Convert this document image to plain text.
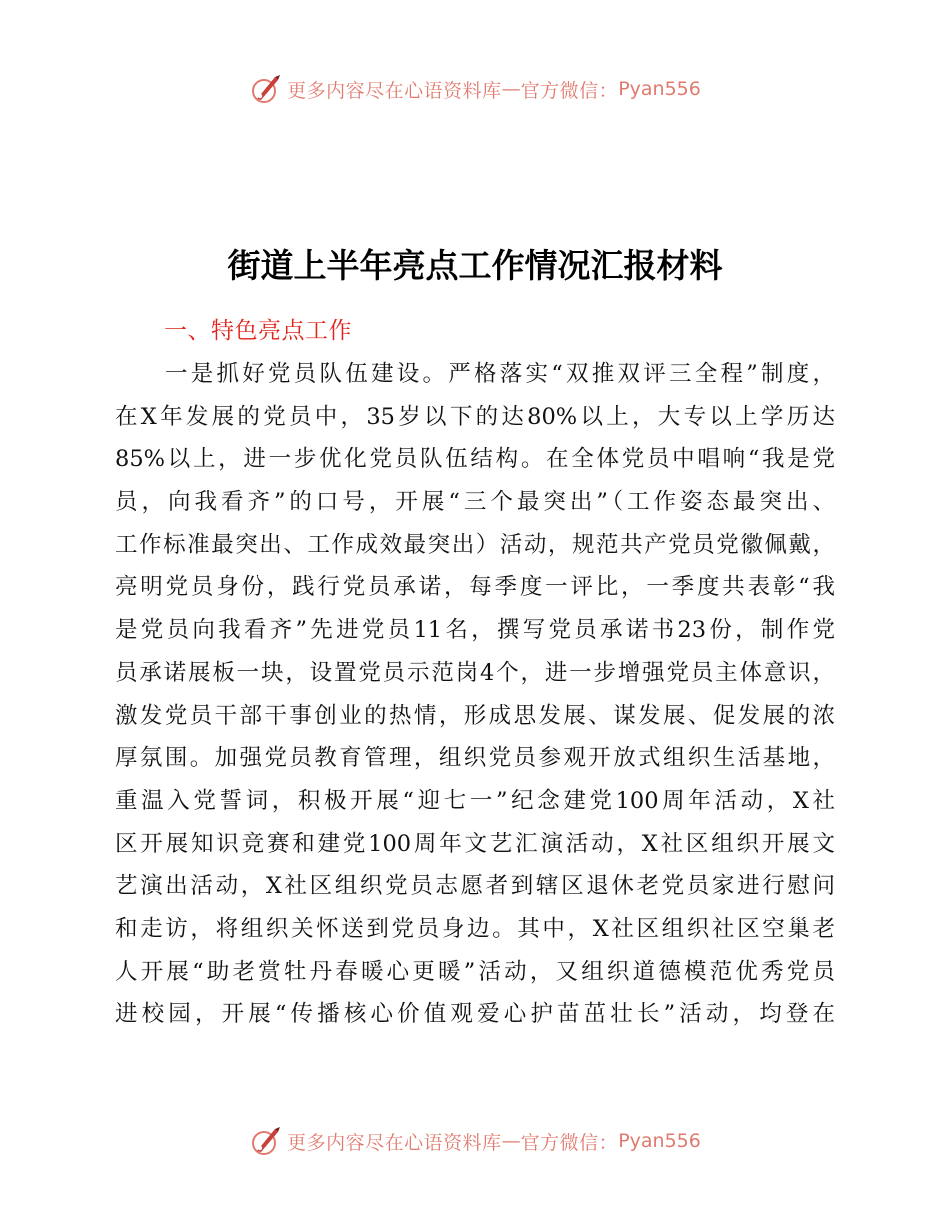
更多内容尽在心语资料库 — 官方微信： Pyan556
街道上半年亮点工作情况汇报材料
一、特色亮点工作
一是抓好党员队伍建设。严格落实“双推双评三全程”制度，
在X年发展的党员中，35岁以下的达80%以上，大专以上学历达
85%以上，进一步优化党员队伍结构。在全体党员中唱响“我是党
员，向我看齐”的口号，开展“三个最突出”（工作姿态最突出、
工作标准最突出、工作成效最突出）活动，规范共产党员党徽佩戴，
亮明党员身份，践行党员承诺，每季度一评比，一季度共表彰“我
是党员向我看齐”先进党员11名，撰写党员承诺书23份，制作党
员承诺展板一块，设置党员示范岗4个，进一步增强党员主体意识，
激发党员干部干事创业的热情，形成思发展、谋发展、促发展的浓
厚氛围。加强党员教育管理，组织党员参观开放式组织生活基地，
重温入党誓词，积极开展“迎七一”纪念建党100周年活动，X社
区开展知识竞赛和建党100周年文艺汇演活动，X社区组织开展文
艺演出活动，X社区组织党员志愿者到辖区退休老党员家进行慰问
和走访，将组织关怀送到党员身边。其中，X社区组织社区空巢老
人开展“助老赏牡丹春暖心更暖”活动，又组织道德模范优秀党员
进校园，开展“传播核心价值观爱心护苗茁壮长”活动，均登在
更多内容尽在心语资料库 — 官方微信： Pyan556
